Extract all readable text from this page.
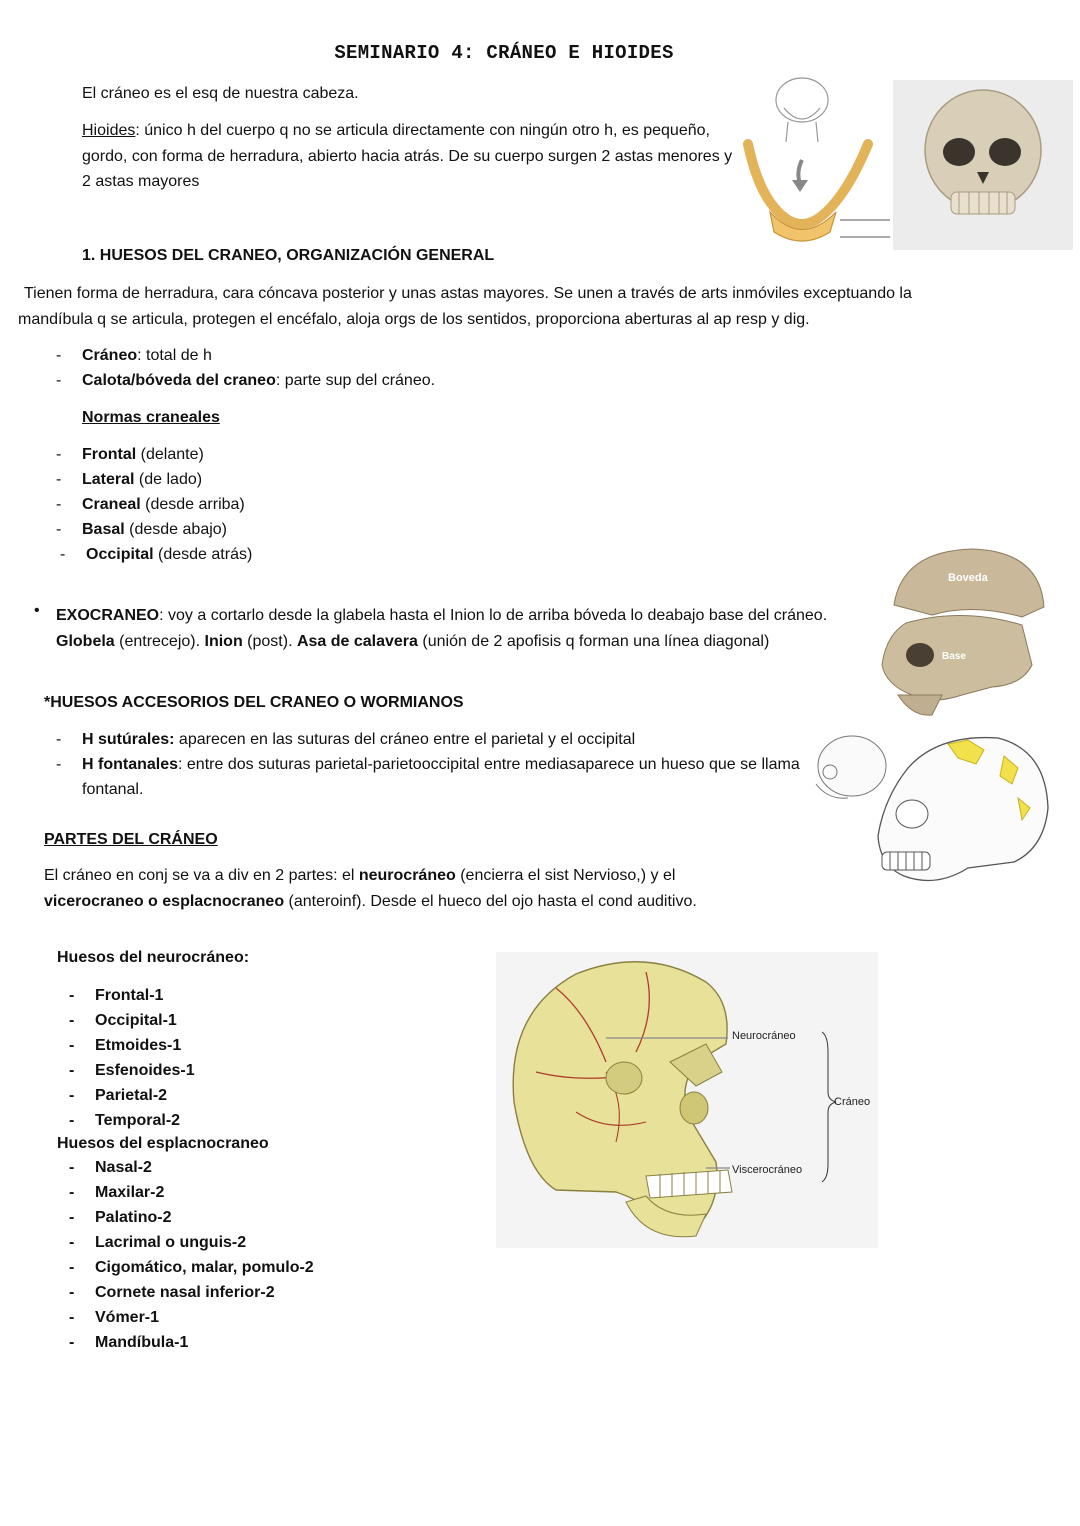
SEMINARIO 4: CRÁNEO E HIOIDES
El cráneo es el esq de nuestra cabeza.
Hioides: único h del cuerpo q no se articula directamente con ningún otro h, es pequeño, gordo, con forma de herradura, abierto hacia atrás. De su cuerpo surgen 2 astas menores y 2 astas mayores
1. HUESOS DEL CRANEO, ORGANIZACIÓN GENERAL
Tienen forma de herradura, cara cóncava posterior y unas astas mayores. Se unen a través de arts inmóviles exceptuando la mandíbula q se articula, protegen el encéfalo, aloja orgs de los sentidos, proporciona aberturas al ap resp y dig.
- Cráneo: total de h
- Calota/bóveda del craneo: parte sup del cráneo.
Normas craneales
- Frontal (delante)
- Lateral (de lado)
- Craneal (desde arriba)
- Basal (desde abajo)
- Occipital (desde atrás)
Boveda
Base
• EXOCRANEO: voy a cortarlo desde la glabela hasta el Inion lo de arriba bóveda lo deabajo base del cráneo. Globela (entrecejo). Inion (post). Asa de calavera (unión de 2 apofisis q forman una línea diagonal)
*HUESOS ACCESORIOS DEL CRANEO O WORMIANOS
- H sutúrales: aparecen en las suturas del cráneo entre el parietal y el occipital
- H fontanales: entre dos suturas parietal-parietooccipital entre mediasaparece un hueso que se llama fontanal.
PARTES DEL CRÁNEO
El cráneo en conj se va a div en 2 partes: el neurocráneo (encierra el sist Nervioso,) y el vicerocraneo o esplacnocraneo (anteroinf). Desde el hueco del ojo hasta el cond auditivo.
Huesos del neurocráneo:
- Frontal-1
- Occipital-1
- Etmoides-1
- Esfenoides-1
- Parietal-2
- Temporal-2
Huesos del esplacnocraneo
- Nasal-2
- Maxilar-2
- Palatino-2
- Lacrimal o unguis-2
- Cigomático, malar, pomulo-2
- Cornete nasal inferior-2
- Vómer-1
- Mandíbula-1
Neurocráneo
Viscerocráneo
Cráneo
